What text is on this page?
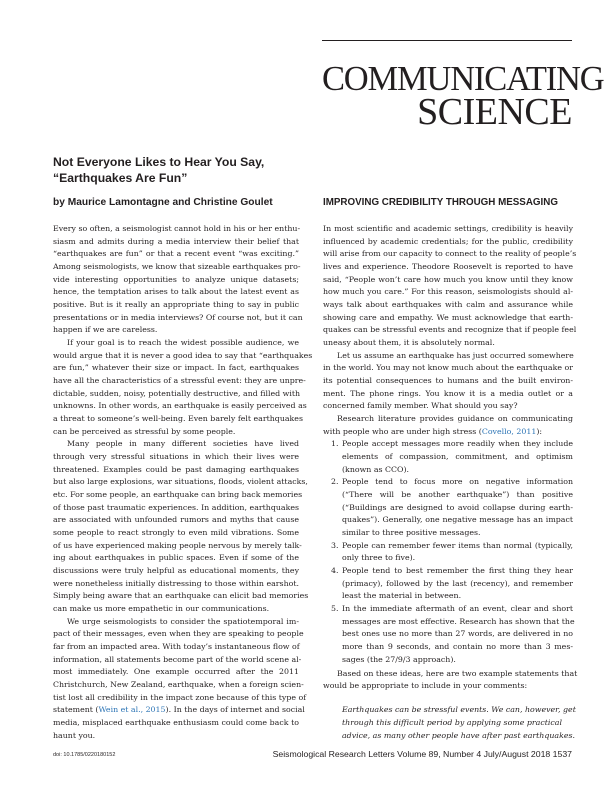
COMMUNICATING
SCIENCE
Not Everyone Likes to Hear You Say,
“Earthquakes Are Fun”
by Maurice Lamontagne and Christine Goulet	IMPROVING CREDIBILITY THROUGH MESSAGING
Every so often, a seismologist cannot hold in his or her enthu-
siasm and admits during a media interview their belief that
“earthquakes are fun” or that a recent event “was exciting.”
Among seismologists, we know that sizeable earthquakes pro-
vide interesting opportunities to analyze unique datasets;
hence, the temptation arises to talk about the latest event as
positive. But is it really an appropriate thing to say in public
presentations or in media interviews? Of course not, but it can
happen if we are careless.
If your goal is to reach the widest possible audience, we
would argue that it is never a good idea to say that “earthquakes
are fun,” whatever their size or impact. In fact, earthquakes
have all the characteristics of a stressful event: they are unpre-
dictable, sudden, noisy, potentially destructive, and filled with
unknowns. In other words, an earthquake is easily perceived as
a threat to someone’s well-being. Even barely felt earthquakes
can be perceived as stressful by some people.
Many people in many different societies have lived
through very stressful situations in which their lives were
threatened. Examples could be past damaging earthquakes
but also large explosions, war situations, floods, violent attacks,
etc. For some people, an earthquake can bring back memories
of those past traumatic experiences. In addition, earthquakes
are associated with unfounded rumors and myths that cause
some people to react strongly to even mild vibrations. Some
of us have experienced making people nervous by merely talk-
ing about earthquakes in public spaces. Even if some of the
discussions were truly helpful as educational moments, they
were nonetheless initially distressing to those within earshot.
Simply being aware that an earthquake can elicit bad memories
can make us more empathetic in our communications.
We urge seismologists to consider the spatiotemporal im-
pact of their messages, even when they are speaking to people
far from an impacted area. With today’s instantaneous flow of
information, all statements become part of the world scene al-
most immediately. One example occurred after the 2011
Christchurch, New Zealand, earthquake, when a foreign scien-
tist lost all credibility in the impact zone because of this type of
statement (Wein et al., 2015). In the days of internet and social
media, misplaced earthquake enthusiasm could come back to
haunt you.
In most scientific and academic settings, credibility is heavily
influenced by academic credentials; for the public, credibility
will arise from our capacity to connect to the reality of people’s
lives and experience. Theodore Roosevelt is reported to have
said, “People won’t care how much you know until they know
how much you care.” For this reason, seismologists should al-
ways talk about earthquakes with calm and assurance while
showing care and empathy. We must acknowledge that earth-
quakes can be stressful events and recognize that if people feel
uneasy about them, it is absolutely normal.
Let us assume an earthquake has just occurred somewhere
in the world. You may not know much about the earthquake or
its potential consequences to humans and the built environ-
ment. The phone rings. You know it is a media outlet or a
concerned family member. What should you say?
Research literature provides guidance on communicating
with people who are under high stress (Covello, 2011):
1. People accept messages more readily when they include
elements of compassion, commitment, and optimism
(known as CCO).
2. People tend to focus more on negative information
(“There will be another earthquake”) than positive
(“Buildings are designed to avoid collapse during earth-
quakes”). Generally, one negative message has an impact
similar to three positive messages.
3. People can remember fewer items than normal (typically,
only three to five).
4. People tend to best remember the first thing they hear
(primacy), followed by the last (recency), and remember
least the material in between.
5. In the immediate aftermath of an event, clear and short
messages are most effective. Research has shown that the
best ones use no more than 27 words, are delivered in no
more than 9 seconds, and contain no more than 3 mes-
sages (the 27/9/3 approach).
Based on these ideas, here are two example statements that
would be appropriate to include in your comments:
Earthquakes can be stressful events. We can, however, get
through this difficult period by applying some practical
advice, as many other people have after past earthquakes.
doi: 10.1785/0220180152	Seismological Research Letters Volume 89, Number 4 July/August 2018 1537
